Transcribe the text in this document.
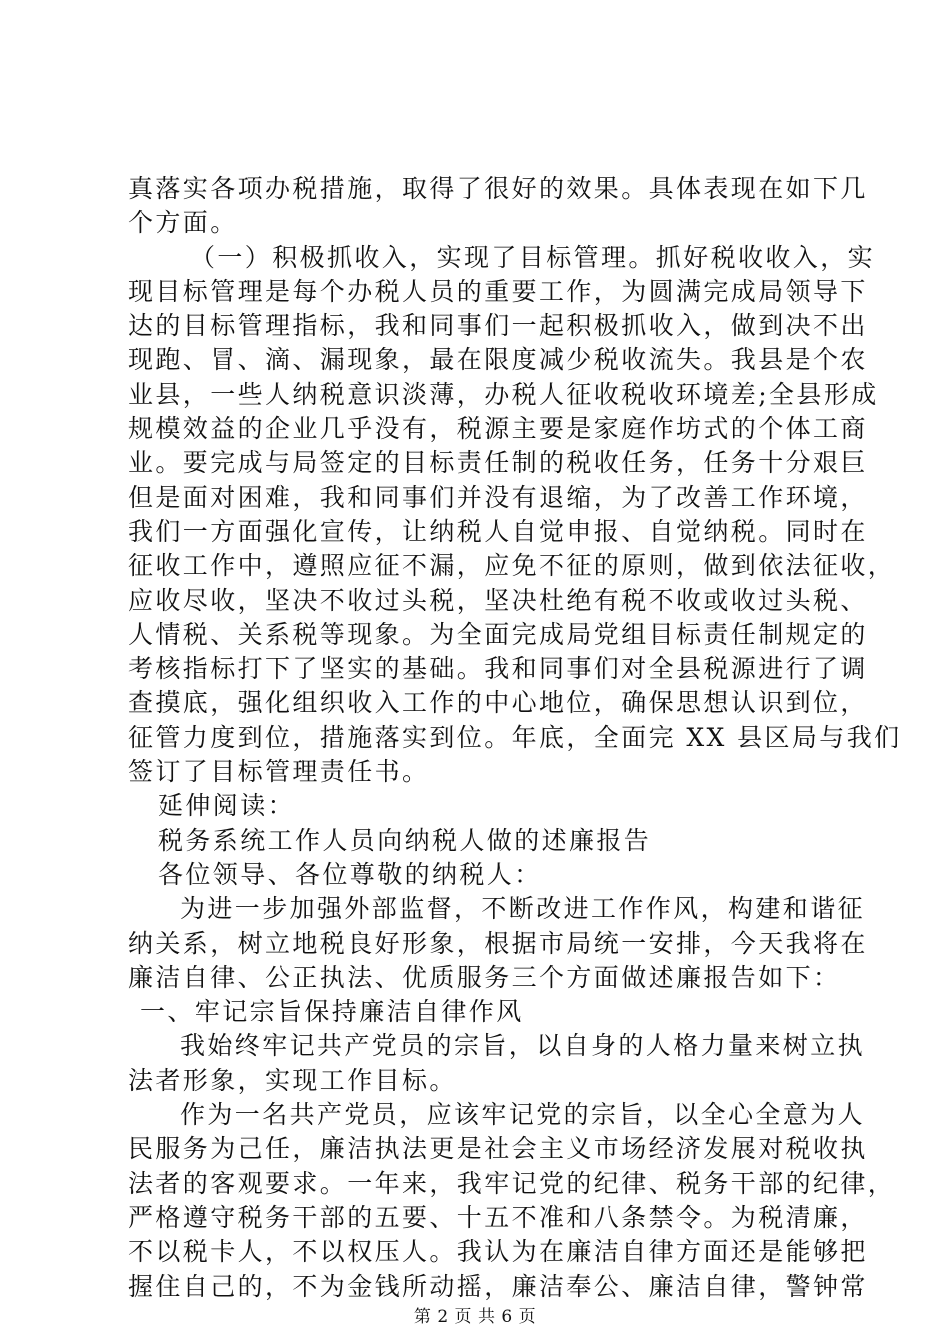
真落实各项办税措施，取得了很好的效果。具体表现在如下几
个方面。
（一）积极抓收入，实现了目标管理。抓好税收收入，实
现目标管理是每个办税人员的重要工作，为圆满完成局领导下
达的目标管理指标，我和同事们一起积极抓收入，做到决不出
现跑、冒、滴、漏现象，最在限度减少税收流失。我县是个农
业县，一些人纳税意识淡薄，办税人征收税收环境差;全县形成
规模效益的企业几乎没有，税源主要是家庭作坊式的个体工商
业。要完成与局签定的目标责任制的税收任务，任务十分艰巨
但是面对困难，我和同事们并没有退缩，为了改善工作环境，
我们一方面强化宣传，让纳税人自觉申报、自觉纳税。同时在
征收工作中，遵照应征不漏，应免不征的原则，做到依法征收，
应收尽收，坚决不收过头税，坚决杜绝有税不收或收过头税、
人情税、关系税等现象。为全面完成局党组目标责任制规定的
考核指标打下了坚实的基础。我和同事们对全县税源进行了调
查摸底，强化组织收入工作的中心地位，确保思想认识到位，
征管力度到位，措施落实到位。年底，全面完 XX 县区局与我们
签订了目标管理责任书。
延伸阅读：
税务系统工作人员向纳税人做的述廉报告
各位领导、各位尊敬的纳税人：
为进一步加强外部监督，不断改进工作作风，构建和谐征
纳关系，树立地税良好形象，根据市局统一安排，今天我将在
廉洁自律、公正执法、优质服务三个方面做述廉报告如下：
一、牢记宗旨保持廉洁自律作风
我始终牢记共产党员的宗旨，以自身的人格力量来树立执
法者形象，实现工作目标。
作为一名共产党员，应该牢记党的宗旨，以全心全意为人
民服务为己任，廉洁执法更是社会主义市场经济发展对税收执
法者的客观要求。一年来，我牢记党的纪律、税务干部的纪律，
严格遵守税务干部的五要、十五不准和八条禁令。为税清廉，
不以税卡人，不以权压人。我认为在廉洁自律方面还是能够把
握住自己的，不为金钱所动摇，廉洁奉公、廉洁自律，警钟常
第 2 页 共 6 页
